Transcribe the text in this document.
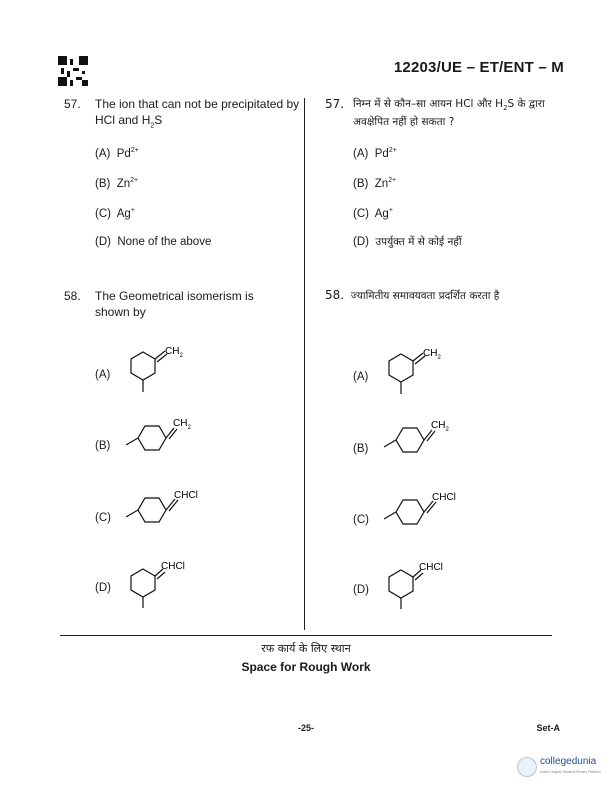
12203/UE – ET/ENT – M
57. The ion that can not be precipitated by
HCl and $H_2S$
(A) $Pd^{2+}$
(B) $Zn^{2+}$
(C) Ag+
(D) None of the above
57. निम्न में से कौन–सा आयन HCl और $H_2S$ के द्वारा
अवक्षेपित नहीं हो सकता ?
(A) $Pd^{2+}$
(B) $Zn^{2+}$
(C) Ag+
(D) उपर्युक्त में से कोई नहीं
58. The Geometrical isomerism is
shown by
58. ज्यामितीय समावयवता प्रदर्शित करता है
(A)
(B)
(C)
(D)
(A)
(B)
(C)
(D)
$CH_2$	$CH_2$
$CH_2$	$CH_2$
CHCl	CHCl
CHCl	CHCl
रफ कार्य के लिए स्थान
Space for Rough Work
-25-	Set-A
collegedunia
India's largest Student Review Platform
